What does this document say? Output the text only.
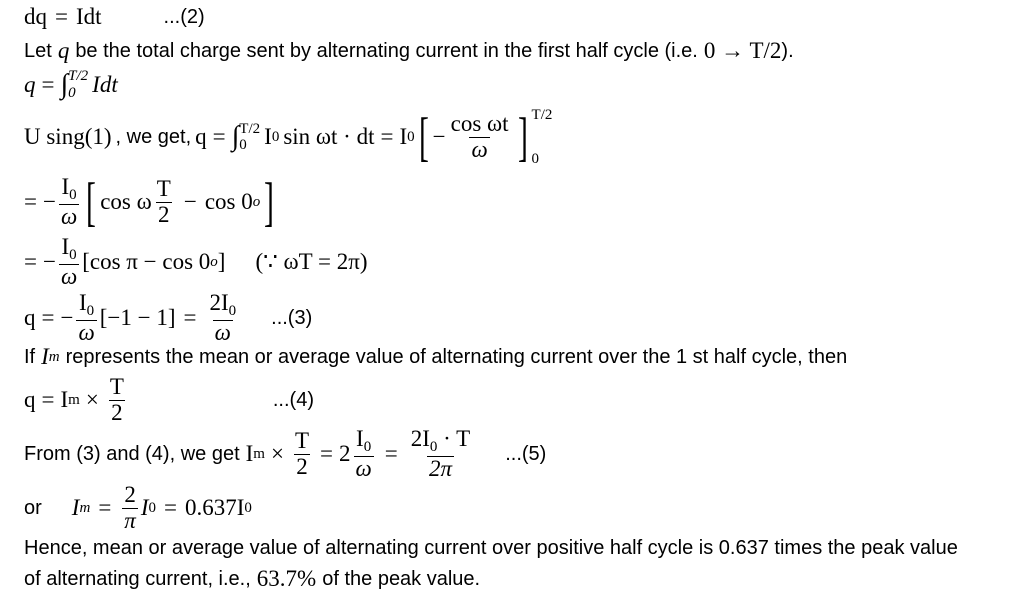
dq = Idt	...(2)
Let q be the total charge sent by alternating current in the first half cycle (i.e. 0 → T/2 ).
q = ∫ T/2
0 Idt
U sing(1) , we get, q = ∫ T/2
0 I 0 sin ωt · dt = I 0 [ − $\frac{\text{cos ωt}}{\omega}$ ] T/2
0
= − $\frac{I_0}{\omega}$ [ cos ω $\frac{T}{2} - \cos 0$ o ]
= − $\frac{I_0}{\omega} [\cos$ π − cos 0 o ] (∵ ωT = 2π)
q = − $\frac{I_0}{\omega} [-1 - 1] = \frac{2I_0}{\omega} ...(3)$
If I m represents the mean or average value of alternating current over the 1 st half cycle, then
q = I $m \times \frac{T}{2}$	...(4)
From (3) and (4), we get I $m \times \frac{T}{2} = 2 \frac{I_0}{\omega} = \frac{2I_0 \cdot T}{2\pi} ...(5)$
or I $m = \frac{2}{\pi}$ I 0 = 0.637I 0
Hence, mean or average value of alternating current over positive half cycle is 0.637 times the peak value
of alternating current, i.e., 63.7% of the peak value.
